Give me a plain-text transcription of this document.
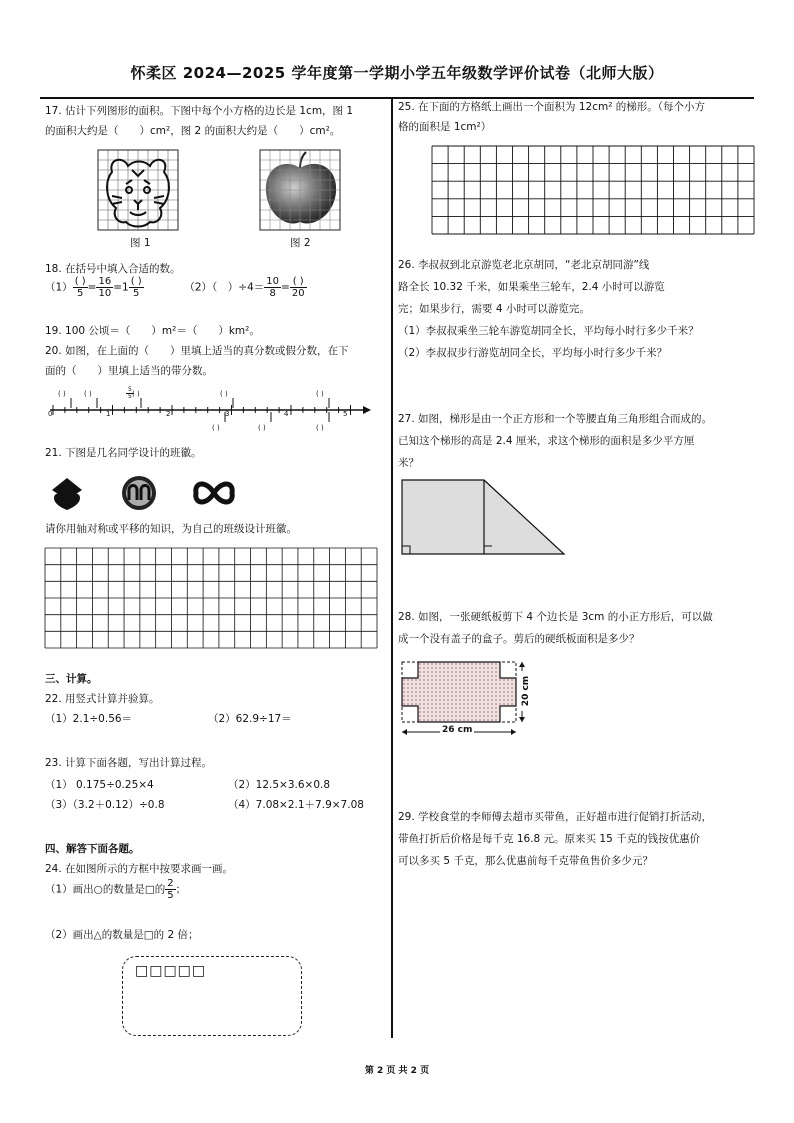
怀柔区 2024—2025 学年度第一学期小学五年级数学评价试卷（北师大版）
17. 估计下列图形的面积。下图中每个小方格的边长是 1cm，图 1
的面积大约是（　　）cm²，图 2 的面积大约是（　　）cm²。
图 1	图 2
18. 在括号中填入合适的数。
$(1) \frac{( )}{5} = \frac{16}{10} =1 \frac{( )}{5}$	（2）（　）$\div 4= \frac{10}{8} = \frac{( )}{20}$
19. 100 公顷＝（　　）m²＝（　　）km²。
20. 如图，在上面的（　　）里填上适当的真分数或假分数，在下
面的（　　）里填上适当的带分数。
0	1	2	3	4	5
( )	( )	$\frac{5}{5}$
( )	( )	( )
( )	( )	( )
21. 下图是几名同学设计的班徽。
请你用轴对称或平移的知识，为自己的班级设计班徽。
三、计算。
22. 用竖式计算并验算。
（1）2.1÷0.56＝	（2）62.9÷17＝
23. 计算下面各题，写出计算过程。
（1） 0.175÷0.25×4	（2）12.5×3.6×0.8
（3）（3.2＋0.12）÷0.8	（4）7.08×2.1＋7.9×7.08
四、解答下面各题。
24. 在如图所示的方框中按要求画一画。
（1）画出○的数量是□的 $\frac{2}{5}$ ；
（2）画出△的数量是□的 2 倍；
□□□□□
25. 在下面的方格纸上画出一个面积为 12cm² 的梯形。（每个小方
格的面积是 1cm²）
26. 李叔叔到北京游览老北京胡同，“老北京胡同游”线
路全长 10.32 千米，如果乘坐三轮车，2.4 小时可以游览
完；如果步行，需要 4 小时可以游览完。
（1）李叔叔乘坐三轮车游览胡同全长，平均每小时行多少千米？
（2）李叔叔步行游览胡同全长，平均每小时行多少千米？
27. 如图，梯形是由一个正方形和一个等腰直角三角形组合而成的。
已知这个梯形的高是 2.4 厘米，求这个梯形的面积是多少平方厘
米？
28. 如图，一张硬纸板剪下 4 个边长是 3cm 的小正方形后，可以做
成一个没有盖子的盒子。剪后的硬纸板面积是多少？
26 cm
20 cm
29. 学校食堂的李师傅去超市买带鱼，正好超市进行促销打折活动，
带鱼打折后价格是每千克 16.8 元。原来买 15 千克的钱按优惠价
可以多买 5 千克，那么优惠前每千克带鱼售价多少元？
第 2 页 共 2 页
